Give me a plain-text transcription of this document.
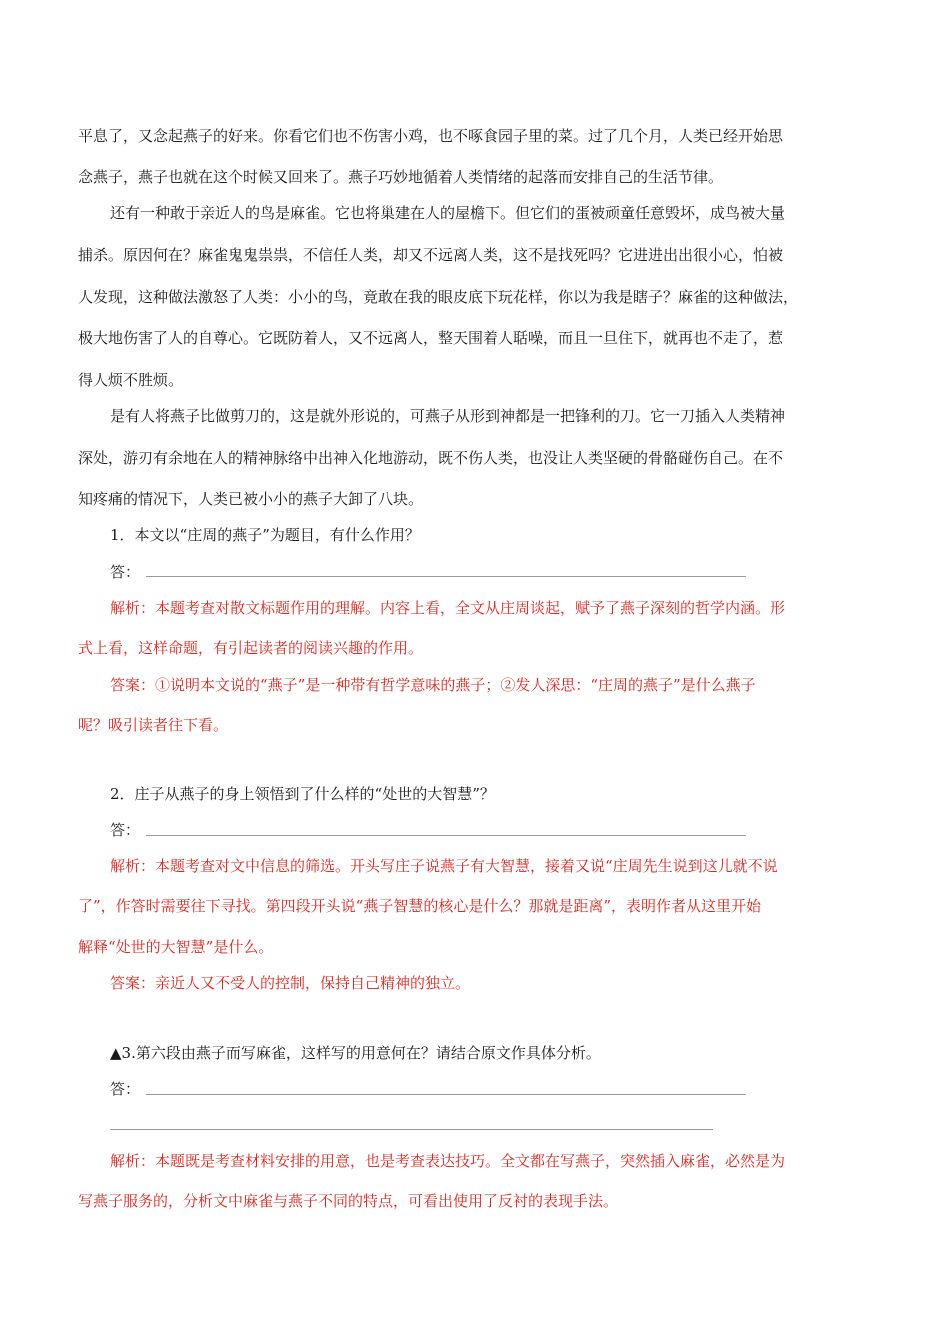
平息了，又念起燕子的好来。你看它们也不伤害小鸡，也不啄食园子里的菜。过了几个月，人类已经开始思
念燕子，燕子也就在这个时候又回来了。燕子巧妙地循着人类情绪的起落而安排自己的生活节律。
还有一种敢于亲近人的鸟是麻雀。它也将巢建在人的屋檐下。但它们的蛋被顽童任意毁坏，成鸟被大量
捕杀。原因何在？麻雀鬼鬼祟祟，不信任人类，却又不远离人类，这不是找死吗？它进进出出很小心，怕被
人发现，这种做法激怒了人类：小小的鸟，竟敢在我的眼皮底下玩花样，你以为我是瞎子？麻雀的这种做法，
极大地伤害了人的自尊心。它既防着人，又不远离人，整天围着人聒噪，而且一旦住下，就再也不走了，惹
得人烦不胜烦。
是有人将燕子比做剪刀的，这是就外形说的，可燕子从形到神都是一把锋利的刀。它一刀插入人类精神
深处，游刃有余地在人的精神脉络中出神入化地游动，既不伤人类，也没让人类坚硬的骨骼碰伤自己。在不
知疼痛的情况下，人类已被小小的燕子大卸了八块。
1．本文以“庄周的燕子”为题目，有什么作用？
答：
解析：本题考查对散文标题作用的理解。内容上看，全文从庄周谈起，赋予了燕子深刻的哲学内涵。形
式上看，这样命题，有引起读者的阅读兴趣的作用。
答案：①说明本文说的“燕子”是一种带有哲学意味的燕子；②发人深思：“庄周的燕子”是什么燕子
呢？吸引读者往下看。
2．庄子从燕子的身上领悟到了什么样的“处世的大智慧”？
答：
解析：本题考查对文中信息的筛选。开头写庄子说燕子有大智慧，接着又说“庄周先生说到这儿就不说
了”，作答时需要往下寻找。第四段开头说“燕子智慧的核心是什么？那就是距离”，表明作者从这里开始
解释“处世的大智慧”是什么。
答案：亲近人又不受人的控制，保持自己精神的独立。
▲3.第六段由燕子而写麻雀，这样写的用意何在？请结合原文作具体分析。
答：
解析：本题既是考查材料安排的用意，也是考查表达技巧。全文都在写燕子，突然插入麻雀，必然是为
写燕子服务的，分析文中麻雀与燕子不同的特点，可看出使用了反衬的表现手法。
